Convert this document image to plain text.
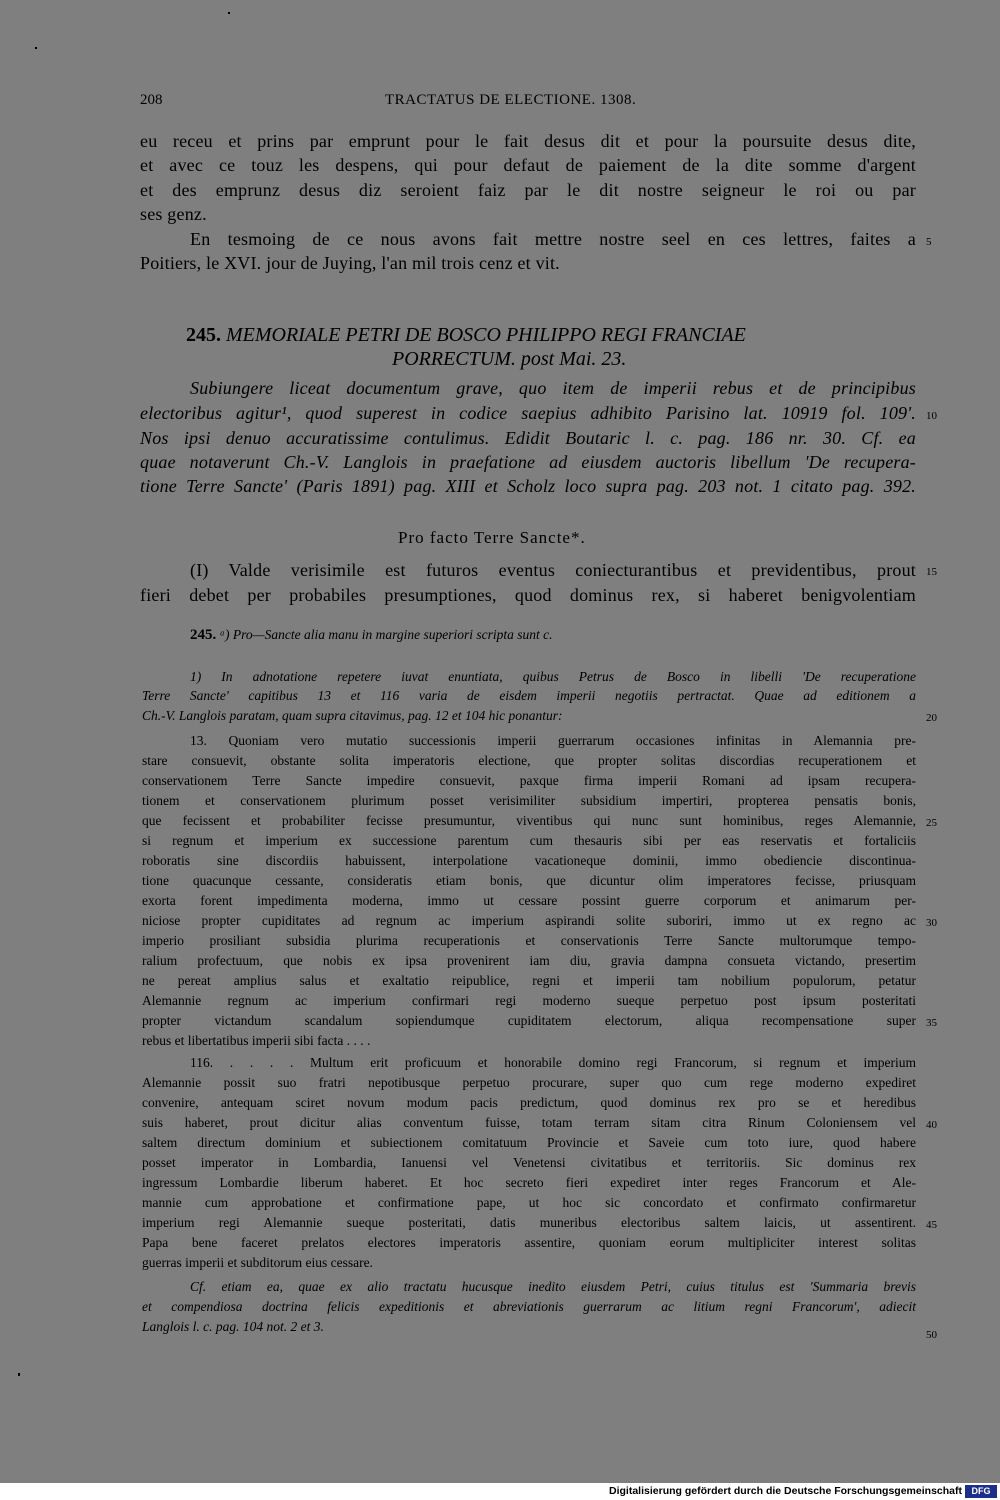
208	TRACTATUS DE ELECTIONE. 1308.
eu receu et prins par emprunt pour le fait desus dit et pour la poursuite desus dite,
et avec ce touz les despens, qui pour defaut de paiement de la dite somme d'argent
et des emprunz desus diz seroient faiz par le dit nostre seigneur le roi ou par
ses genz.
En tesmoing de ce nous avons fait mettre nostre seel en ces lettres, faites a
Poitiers, le XVI. jour de Juying, l'an mil trois cenz et vit.
245. MEMORIALE PETRI DE BOSCO PHILIPPO REGI FRANCIAE
PORRECTUM. post Mai. 23.
Subiungere liceat documentum grave, quo item de imperii rebus et de principibus
electoribus agitur¹, quod superest in codice saepius adhibito Parisino lat. 10919 fol. 109'.
Nos ipsi denuo accuratissime contulimus. Edidit Boutaric l. c. pag. 186 nr. 30. Cf. ea
quae notaverunt Ch.-V. Langlois in praefatione ad eiusdem auctoris libellum 'De recupera-
tione Terre Sancte' (Paris 1891) pag. XIII et Scholz loco supra pag. 203 not. 1 citato pag. 392.
Pro facto Terre Sancte*.
(I) Valde verisimile est futuros eventus coniecturantibus et previdentibus, prout
fieri debet per probabiles presumptiones, quod dominus rex, si haberet benigvolentiam
245. ᵃ) Pro—Sancte alia manu in margine superiori scripta sunt c.
1) In adnotatione repetere iuvat enuntiata, quibus Petrus de Bosco in libelli 'De recuperatione
Terre Sancte' capitibus 13 et 116 varia de eisdem imperii negotiis pertractat. Quae ad editionem a
Ch.-V. Langlois paratam, quam supra citavimus, pag. 12 et 104 hic ponantur:
13. Quoniam vero mutatio successionis imperii guerrarum occasiones infinitas in Alemannia pre-
stare consuevit, obstante solita imperatoris electione, que propter solitas discordias recuperationem et
conservationem Terre Sancte impedire consuevit, paxque firma imperii Romani ad ipsam recupera-
tionem et conservationem plurimum posset verisimiliter subsidium impertiri, propterea pensatis bonis,
que fecissent et probabiliter fecisse presumuntur, viventibus qui nunc sunt hominibus, reges Alemannie,
si regnum et imperium ex successione parentum cum thesauris sibi per eas reservatis et fortaliciis
roboratis sine discordiis habuissent, interpolatione vacationeque dominii, immo obediencie discontinua-
tione quacunque cessante, consideratis etiam bonis, que dicuntur olim imperatores fecisse, priusquam
exorta forent impedimenta moderna, immo ut cessare possint guerre corporum et animarum per-
niciose propter cupiditates ad regnum ac imperium aspirandi solite suboriri, immo ut ex regno ac
imperio prosiliant subsidia plurima recuperationis et conservationis Terre Sancte multorumque tempo-
ralium profectuum, que nobis ex ipsa provenirent iam diu, gravia dampna consueta victando, presertim
ne pereat amplius salus et exaltatio reipublice, regni et imperii tam nobilium populorum, petatur
Alemannie regnum ac imperium confirmari regi moderno sueque perpetuo post ipsum posteritati
propter victandum scandalum sopiendumque cupiditatem electorum, aliqua recompensatione super
rebus et libertatibus imperii sibi facta . . . .
116. . . . . Multum erit proficuum et honorabile domino regi Francorum, si regnum et imperium
Alemannie possit suo fratri nepotibusque perpetuo procurare, super quo cum rege moderno expediret
convenire, antequam sciret novum modum pacis predictum, quod dominus rex pro se et heredibus
suis haberet, prout dicitur alias conventum fuisse, totam terram sitam citra Rinum Coloniensem vel
saltem directum dominium et subiectionem comitatuum Provincie et Saveie cum toto iure, quod habere
posset imperator in Lombardia, Ianuensi vel Venetensi civitatibus et territoriis. Sic dominus rex
ingressum Lombardie liberum haberet. Et hoc secreto fieri expediret inter reges Francorum et Ale-
mannie cum approbatione et confirmatione pape, ut hoc sic concordato et confirmato confirmaretur
imperium regi Alemannie sueque posteritati, datis muneribus electoribus saltem laicis, ut assentirent.
Papa bene faceret prelatos electores imperatoris assentire, quoniam eorum multipliciter interest solitas
guerras imperii et subditorum eius cessare.
Cf. etiam ea, quae ex alio tractatu hucusque inedito eiusdem Petri, cuius titulus est 'Summaria brevis
et compendiosa doctrina felicis expeditionis et abreviationis guerrarum ac litium regni Francorum', adiecit
Langlois l. c. pag. 104 not. 2 et 3.
5
10
15
20
25
30
35
40
45
50
Digitalisierung gefördert durch die Deutsche Forschungsgemeinschaft	DFG
